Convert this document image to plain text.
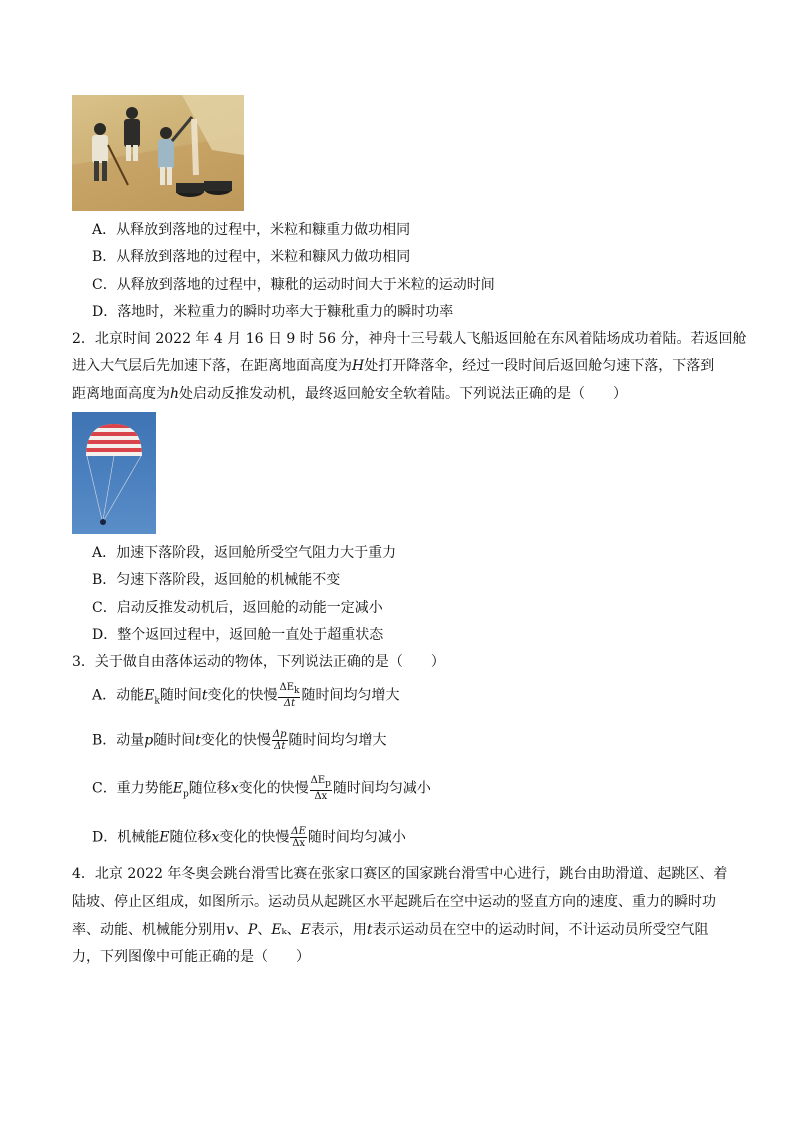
A．从释放到落地的过程中，米粒和糠重力做功相同
B．从释放到落地的过程中，米粒和糠风力做功相同
C．从释放到落地的过程中，糠秕的运动时间大于米粒的运动时间
D．落地时，米粒重力的瞬时功率大于糠秕重力的瞬时功率
2．北京时间 2022 年 4 月 16 日 9 时 56 分，神舟十三号载人飞船返回舱在东风着陆场成功着陆。若返回舱
进入大气层后先加速下落，在距离地面高度为𝐻处打开降落伞，经过一段时间后返回舱匀速下落，下落到
距离地面高度为ℎ处启动反推发动机，最终返回舱安全软着陆。下列说法正确的是（　　）
A．加速下落阶段，返回舱所受空气阻力大于重力
B．匀速下落阶段，返回舱的机械能不变
C．启动反推发动机后，返回舱的动能一定减小
D．整个返回过程中，返回舱一直处于超重状态
3．关于做自由落体运动的物体，下列说法正确的是（　　）
A．动能$E_k$随时间t变化的快慢 $\frac{\Delta E_k}{\Delta t}$ 随时间均匀增大
B．动量p随时间t变化的快慢 $\frac{\Delta p}{\Delta t}$ 随时间均匀增大
C．重力势能$E_p$随位移x变化的快慢 $\frac{\Delta E_p}{\Delta x}$ 随时间均匀减小
D．机械能E随位移x变化的快慢 $\frac{\Delta E}{\Delta x}$ 随时间均匀减小
4．北京 2022 年冬奥会跳台滑雪比赛在张家口赛区的国家跳台滑雪中心进行，跳台由助滑道、起跳区、着
陆坡、停止区组成，如图所示。运动员从起跳区水平起跳后在空中运动的竖直方向的速度、重力的瞬时功
率、动能、机械能分别用𝑣、𝑃、𝐸ₖ、𝐸表示，用𝑡表示运动员在空中的运动时间，不计运动员所受空气阻
力，下列图像中可能正确的是（　　）
